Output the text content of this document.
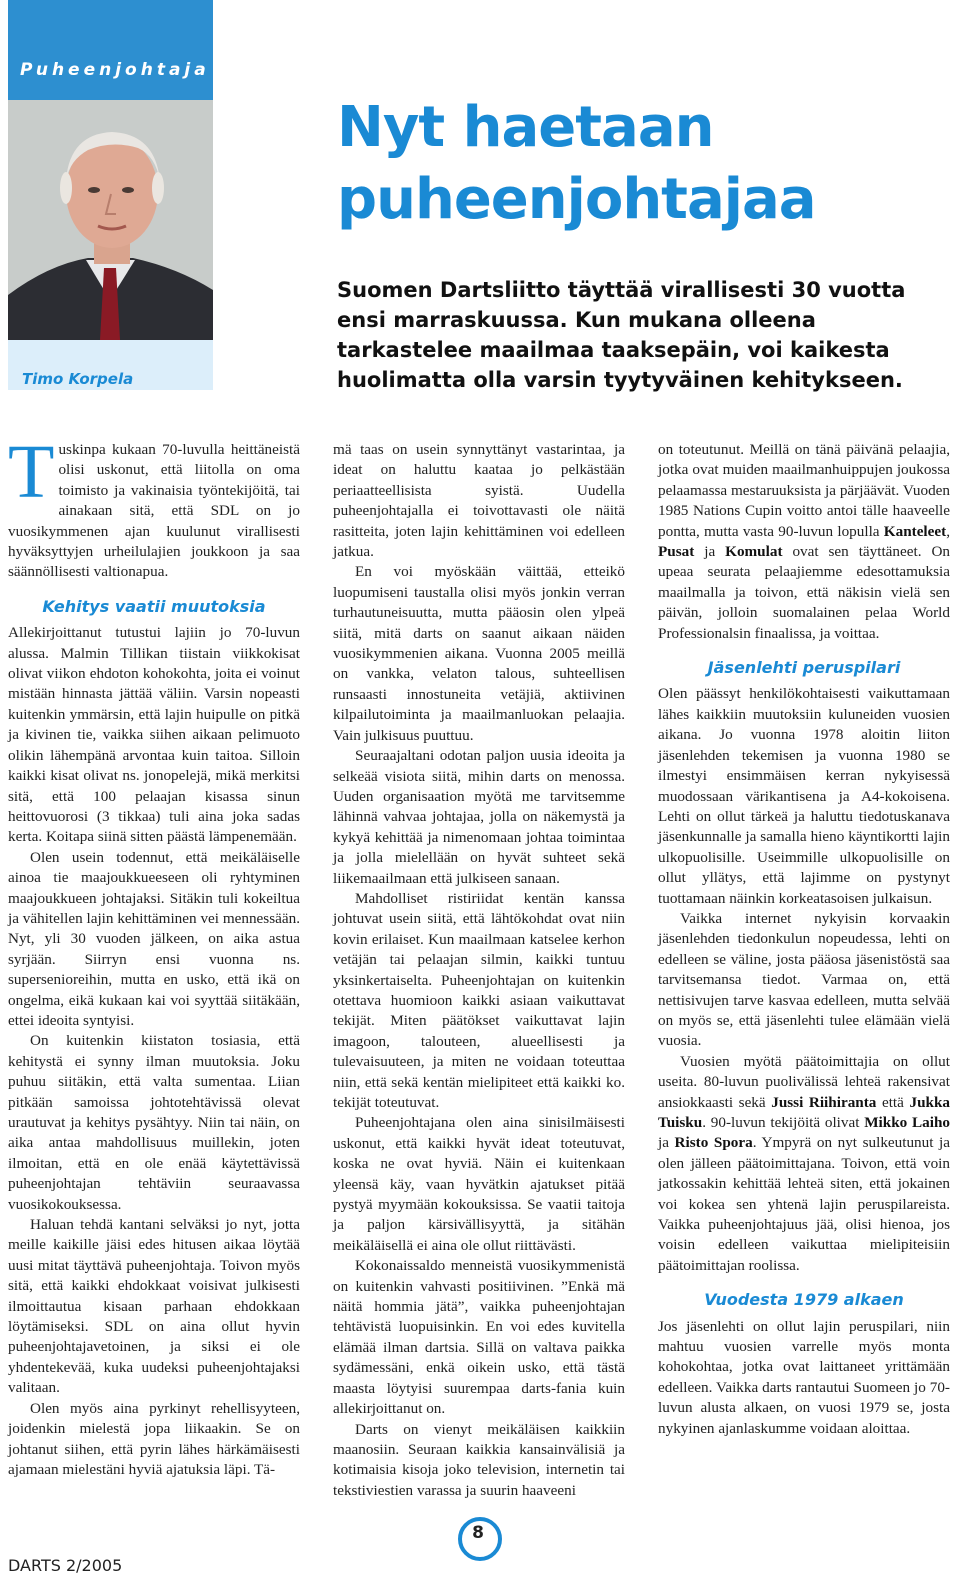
Puheenjohtaja
Timo Korpela
Nyt haetaan
puheenjohtajaa

Suomen Dartsliitto täyttää virallisesti 30 vuotta ensi marraskuussa. Kun mukana olleena tarkastelee maailmaa taaksepäin, voi kaikesta huolimatta olla varsin tyytyväinen kehitykseen.

Tuskinpa kukaan 70-luvulla heittäneistä olisi uskonut, että liitolla on oma toimisto ja vakinaisia työntekijöitä, tai ainakaan sitä, että SDL on jo vuosikymmenen ajan kuulunut virallisesti hyväksyttyjen urheilulajien joukkoon ja saa säännöllisesti valtionapua.

Kehitys vaatii muutoksia

Allekirjoittanut tutustui lajiin jo 70-luvun alussa. Malmin Tillikan tiistain viikkokisat olivat viikon ehdoton kohokohta, joita ei voinut mistään hinnasta jättää väliin. Varsin nopeasti kuitenkin ymmärsin, että lajin huipulle on pitkä ja kivinen tie, vaikka siihen aikaan pelimuoto olikin lähempänä arvontaa kuin taitoa. Silloin kaikki kisat olivat ns. jonopelejä, mikä merkitsi sitä, että 100 pelaajan kisassa sinun heittovuorosi (3 tikkaa) tuli aina joka sadas kerta. Koitapa siinä sitten päästä lämpenemään.

Olen usein todennut, että meikäläiselle ainoa tie maajoukkueeseen oli ryhtyminen maajoukkueen johtajaksi. Sitäkin tuli kokeiltua ja vähitellen lajin kehittäminen vei mennessään. Nyt, yli 30 vuoden jälkeen, on aika astua syrjään. Siirryn ensi vuonna ns. supersenioreihin, mutta en usko, että ikä on ongelma, eikä kukaan kai voi syyttää siitäkään, ettei ideoita syntyisi.

On kuitenkin kiistaton tosiasia, että kehitystä ei synny ilman muutoksia. Joku puhuu siitäkin, että valta sumentaa. Liian pitkään samoissa johtotehtävissä olevat urautuvat ja kehitys pysähtyy. Niin tai näin, on aika antaa mahdollisuus muillekin, joten ilmoitan, että en ole enää käytettävissä puheenjohtajan tehtäviin seuraavassa vuosikokouksessa.

Haluan tehdä kantani selväksi jo nyt, jotta meille kaikille jäisi edes hitusen aikaa löytää uusi mitat täyttävä puheenjohtaja. Toivon myös sitä, että kaikki ehdokkaat voisivat julkisesti ilmoittautua kisaan parhaan ehdokkaan löytämiseksi. SDL on aina ollut hyvin puheenjohtajavetoinen, ja siksi ei ole yhdentekevää, kuka uudeksi puheenjohtajaksi valitaan.

Olen myös aina pyrkinyt rehellisyyteen, joidenkin mielestä jopa liikaakin. Se on johtanut siihen, että pyrin lähes härkämäisesti ajamaan mielestäni hyviä ajatuksia läpi. Tä-

mä taas on usein synnyttänyt vastarintaa, ja ideat on haluttu kaataa jo pelkästään periaatteellisista syistä. Uudella puheenjohtajalla ei toivottavasti ole näitä rasitteita, joten lajin kehittäminen voi edelleen jatkua.

En voi myöskään väittää, etteikö luopumiseni taustalla olisi myös jonkin verran turhautuneisuutta, mutta pääosin olen ylpeä siitä, mitä darts on saanut aikaan näiden vuosikymmenien aikana. Vuonna 2005 meillä on vankka, velaton talous, suhteellisen runsaasti innostuneita vetäjiä, aktiivinen kilpailutoiminta ja maailmanluokan pelaajia. Vain julkisuus puuttuu.

Seuraajaltani odotan paljon uusia ideoita ja selkeää visiota siitä, mihin darts on menossa. Uuden organisaation myötä me tarvitsemme lähinnä vahvaa johtajaa, jolla on näkemystä ja kykyä kehittää ja nimenomaan johtaa toimintaa ja jolla mielellään on hyvät suhteet sekä liikemaailmaan että julkiseen sanaan.

Mahdolliset ristiriidat kentän kanssa johtuvat usein siitä, että lähtökohdat ovat niin kovin erilaiset. Kun maailmaan katselee kerhon vetäjän tai pelaajan silmin, kaikki tuntuu yksinkertaiselta. Puheenjohtajan on kuitenkin otettava huomioon kaikki asiaan vaikuttavat tekijät. Miten päätökset vaikuttavat lajin imagoon, talouteen, alueellisesti ja tulevaisuuteen, ja miten ne voidaan toteuttaa niin, että sekä kentän mielipiteet että kaikki ko. tekijät toteutuvat.

Puheenjohtajana olen aina sinisilmäisesti uskonut, että kaikki hyvät ideat toteutuvat, koska ne ovat hyviä. Näin ei kuitenkaan yleensä käy, vaan hyvätkin ajatukset pitää pystyä myymään kokouksissa. Se vaatii taitoja ja paljon kärsivällisyyttä, ja sitähän meikäläisellä ei aina ole ollut riittävästi.

Kokonaissaldo menneistä vuosikymmenistä on kuitenkin vahvasti positiivinen. ”Enkä mä näitä hommia jätä”, vaikka puheenjohtajan tehtävistä luopuisinkin. En voi edes kuvitella elämää ilman dartsia. Sillä on valtava paikka sydämessäni, enkä oikein usko, että tästä maasta löytyisi suurempaa darts-fania kuin allekirjoittanut on.

Darts on vienyt meikäläisen kaikkiin maanosiin. Seuraan kaikkia kansainvälisiä ja kotimaisia kisoja joko television, internetin tai tekstiviestien varassa ja suurin haaveeni

on toteutunut. Meillä on tänä päivänä pelaajia, jotka ovat muiden maailmanhuippujen joukossa pelaamassa mestaruuksista ja pärjäävät. Vuoden 1985 Nations Cupin voitto antoi tälle haaveelle pontta, mutta vasta 90-luvun lopulla Kanteleet, Pusat ja Komulat ovat sen täyttäneet. On upeaa seurata pelaajiemme edesottamuksia maailmalla ja toivon, että näkisin vielä sen päivän, jolloin suomalainen pelaa World Professionalsin finaalissa, ja voittaa.

Jäsenlehti peruspilari

Olen päässyt henkilökohtaisesti vaikuttamaan lähes kaikkiin muutoksiin kuluneiden vuosien aikana. Jo vuonna 1978 aloitin liiton jäsenlehden tekemisen ja vuonna 1980 se ilmestyi ensimmäisen kerran nykyisessä muodossaan värikantisena ja A4-kokoisena. Lehti on ollut tärkeä ja haluttu tiedotuskanava jäsenkunnalle ja samalla hieno käyntikortti lajin ulkopuolisille. Useimmille ulkopuolisille on ollut yllätys, että lajimme on pystynyt tuottamaan näinkin korkeatasoisen julkaisun.

Vaikka internet nykyisin korvaakin jäsenlehden tiedonkulun nopeudessa, lehti on edelleen se väline, josta pääosa jäsenistöstä saa tarvitsemansa tiedot. Varmaa on, että nettisivujen tarve kasvaa edelleen, mutta selvää on myös se, että jäsenlehti tulee elämään vielä vuosia.

Vuosien myötä päätoimittajia on ollut useita. 80-luvun puolivälissä lehteä rakensivat ansiokkaasti sekä Jussi Riihiranta että Jukka Tuisku. 90-luvun tekijöitä olivat Mikko Laiho ja Risto Spora. Ympyrä on nyt sulkeutunut ja olen jälleen päätoimittajana. Toivon, että voin jatkossakin kehittää lehteä siten, että jokainen voi kokea sen yhtenä lajin peruspilareista. Vaikka puheenjohtajuus jää, olisi hienoa, jos voisin edelleen vaikuttaa mielipiteisiin päätoimittajan roolissa.

Vuodesta 1979 alkaen

Jos jäsenlehti on ollut lajin peruspilari, niin mahtuu vuosien varrelle myös monta kohokohtaa, jotka ovat laittaneet yrittämään edelleen. Vaikka darts rantautui Suomeen jo 70-luvun alusta alkaen, on vuosi 1979 se, josta nykyinen ajanlaskumme voidaan aloittaa.

DARTS 2/2005
8
